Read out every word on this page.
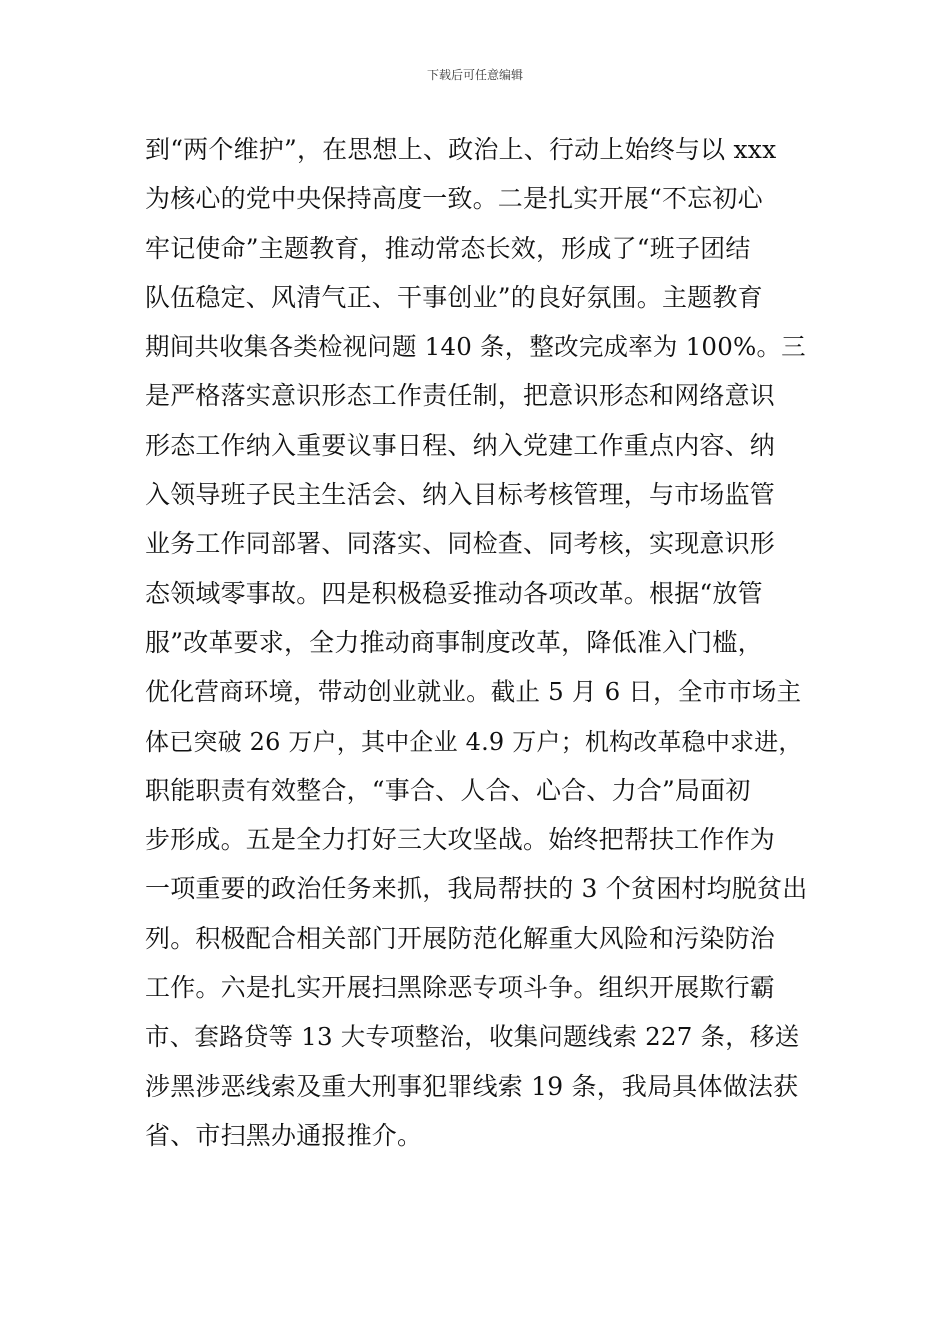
下载后可任意编辑
到“两个维护”，在思想上、政治上、行动上始终与以 xxx
为核心的党中央保持高度一致。二是扎实开展“不忘初心
牢记使命”主题教育，推动常态长效，形成了“班子团结
队伍稳定、风清气正、干事创业”的良好氛围。主题教育
期间共收集各类检视问题 140 条，整改完成率为 100%。三
是严格落实意识形态工作责任制，把意识形态和网络意识
形态工作纳入重要议事日程、纳入党建工作重点内容、纳
入领导班子民主生活会、纳入目标考核管理，与市场监管
业务工作同部署、同落实、同检查、同考核，实现意识形
态领域零事故。四是积极稳妥推动各项改革。根据“放管
服”改革要求，全力推动商事制度改革，降低准入门槛，
优化营商环境，带动创业就业。截止 5 月 6 日，全市市场主
体已突破 26 万户，其中企业 4.9 万户；机构改革稳中求进，
职能职责有效整合，“事合、人合、心合、力合”局面初
步形成。五是全力打好三大攻坚战。始终把帮扶工作作为
一项重要的政治任务来抓，我局帮扶的 3 个贫困村均脱贫出
列。积极配合相关部门开展防范化解重大风险和污染防治
工作。六是扎实开展扫黑除恶专项斗争。组织开展欺行霸
市、套路贷等 13 大专项整治，收集问题线索 227 条，移送
涉黑涉恶线索及重大刑事犯罪线索 19 条，我局具体做法获
省、市扫黑办通报推介。
